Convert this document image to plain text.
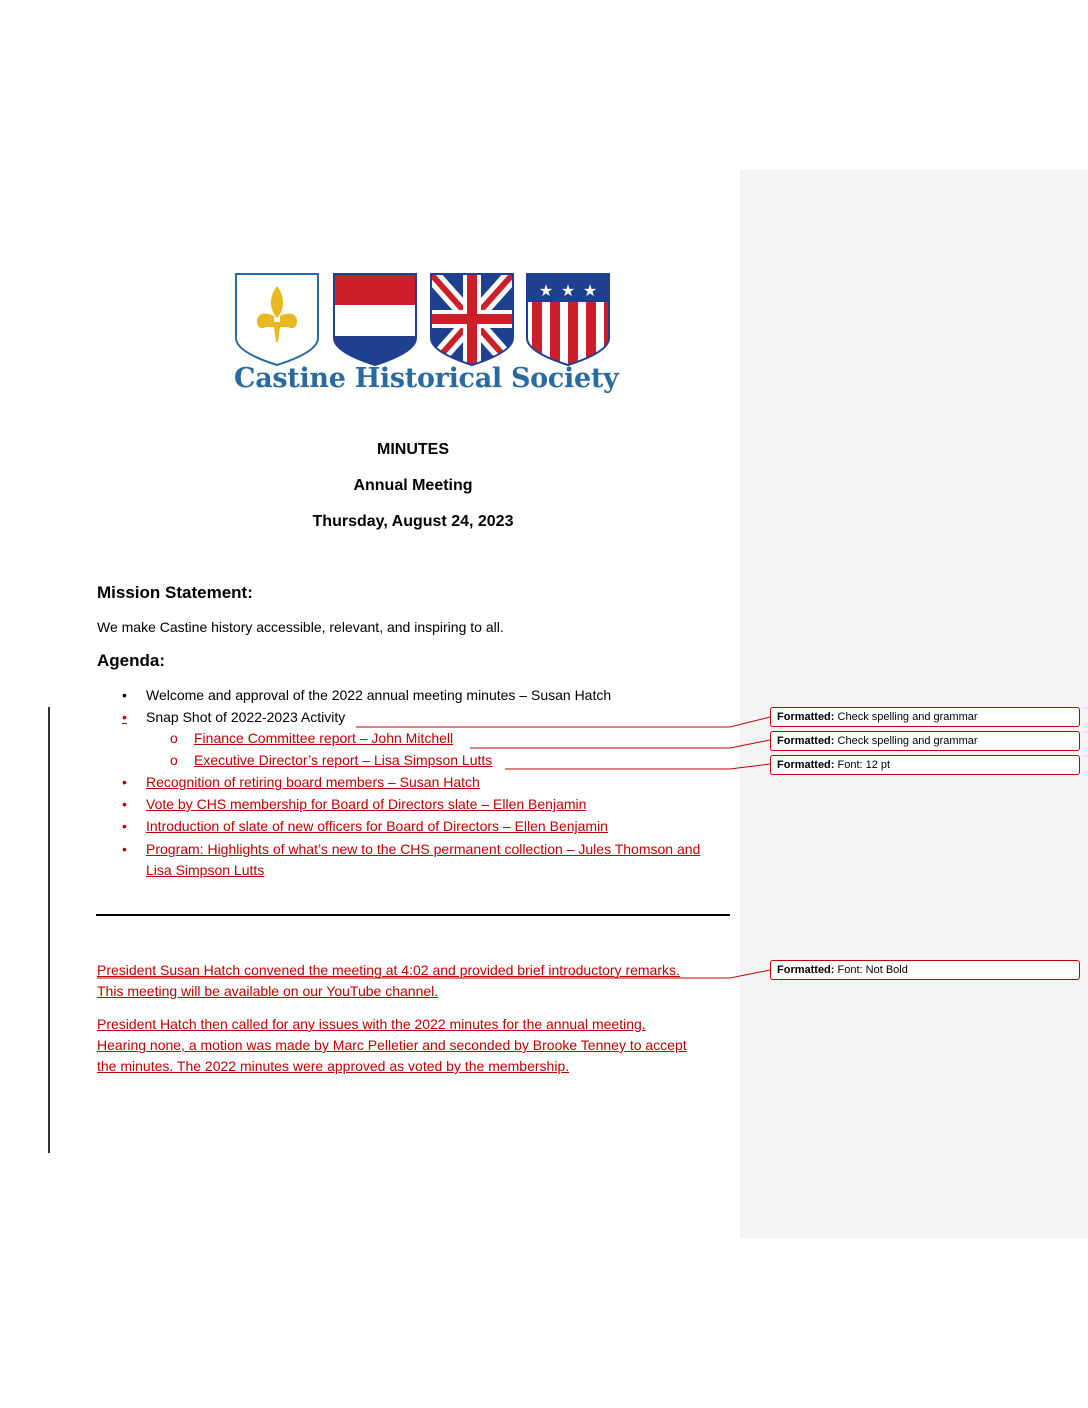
★ ★ ★
Castine Historical Society
MINUTES
Annual Meeting
Thursday, August 24, 2023
Mission Statement:
We make Castine history accessible, relevant, and inspiring to all.
Agenda:
• Welcome and approval of the 2022 annual meeting minutes – Susan Hatch
• Snap Shot of 2022-2023 Activity
o Finance Committee report – John Mitchell
o Executive Director’s report – Lisa Simpson Lutts
• Recognition of retiring board members – Susan Hatch
• Vote by CHS membership for Board of Directors slate – Ellen Benjamin
• Introduction of slate of new officers for Board of Directors – Ellen Benjamin
• Program: Highlights of what’s new to the CHS permanent collection – Jules Thomson and
Lisa Simpson Lutts
President Susan Hatch convened the meeting at 4:02 and provided brief introductory remarks.
This meeting will be available on our YouTube channel.
President Hatch then called for any issues with the 2022 minutes for the annual meeting.
Hearing none, a motion was made by Marc Pelletier and seconded by Brooke Tenney to accept
the minutes. The 2022 minutes were approved as voted by the membership.
Formatted: Check spelling and grammar
Formatted: Check spelling and grammar
Formatted: Font: 12 pt
Formatted: Font: Not Bold
